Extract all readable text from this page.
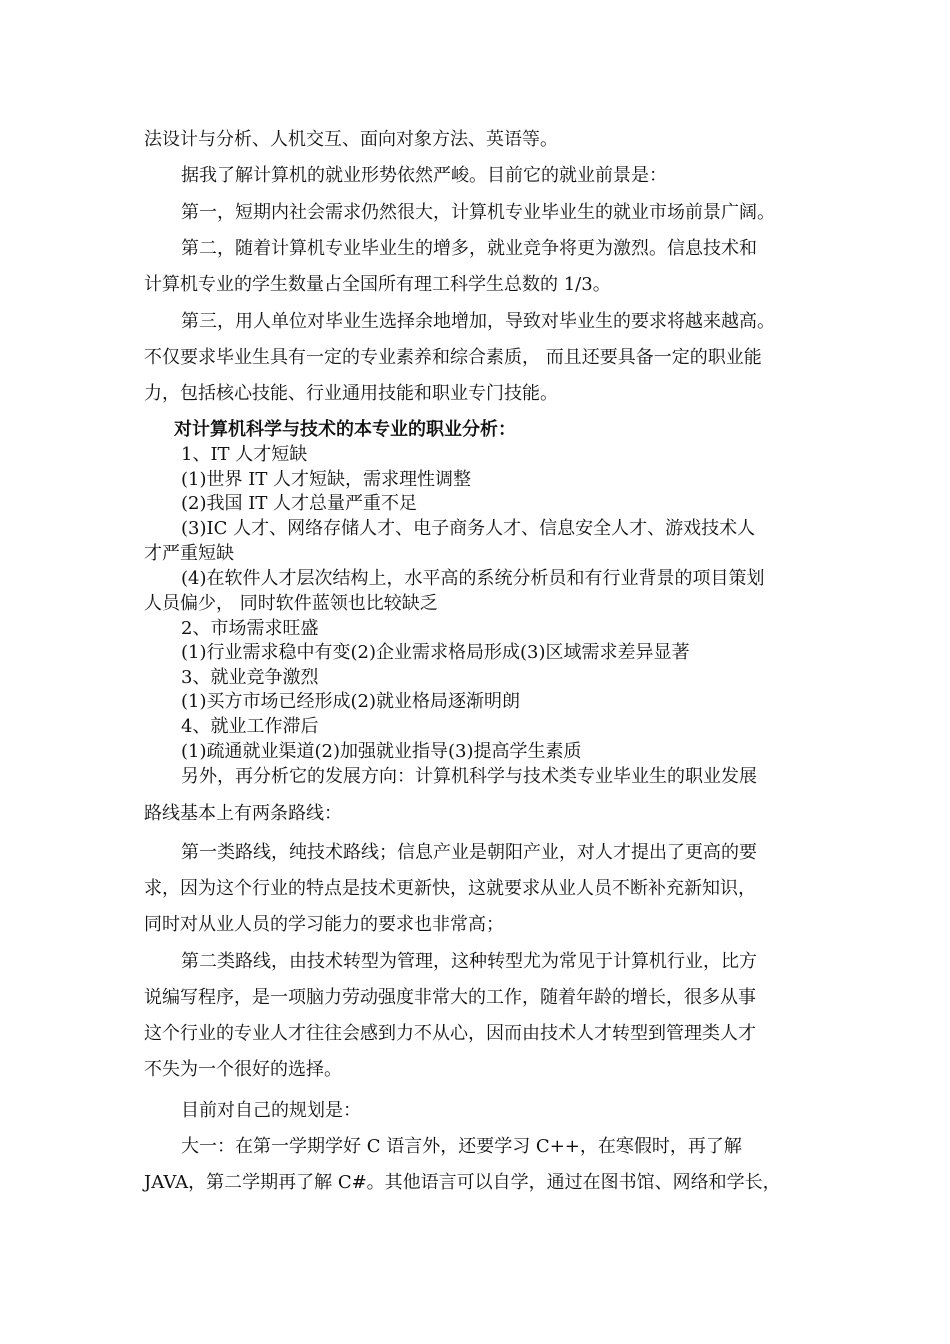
法设计与分析、人机交互、面向对象方法、英语等。
据我了解计算机的就业形势依然严峻。目前它的就业前景是：
第一，短期内社会需求仍然很大，计算机专业毕业生的就业市场前景广阔。
第二，随着计算机专业毕业生的增多，就业竞争将更为激烈。信息技术和
计算机专业的学生数量占全国所有理工科学生总数的 1/3。
第三，用人单位对毕业生选择余地增加，导致对毕业生的要求将越来越高。
不仅要求毕业生具有一定的专业素养和综合素质， 而且还要具备一定的职业能
力，包括核心技能、行业通用技能和职业专门技能。
对计算机科学与技术的本专业的职业分析：
1、IT 人才短缺
(1)世界 IT 人才短缺，需求理性调整
(2)我国 IT 人才总量严重不足
(3)IC 人才、网络存储人才、电子商务人才、信息安全人才、游戏技术人
才严重短缺
(4)在软件人才层次结构上，水平高的系统分析员和有行业背景的项目策划
人员偏少， 同时软件蓝领也比较缺乏
2、市场需求旺盛
(1)行业需求稳中有变(2)企业需求格局形成(3)区域需求差异显著
3、就业竞争激烈
(1)买方市场已经形成(2)就业格局逐渐明朗
4、就业工作滞后
(1)疏通就业渠道(2)加强就业指导(3)提高学生素质
另外，再分析它的发展方向：计算机科学与技术类专业毕业生的职业发展
路线基本上有两条路线：
第一类路线，纯技术路线；信息产业是朝阳产业，对人才提出了更高的要
求，因为这个行业的特点是技术更新快，这就要求从业人员不断补充新知识，
同时对从业人员的学习能力的要求也非常高；
第二类路线，由技术转型为管理，这种转型尤为常见于计算机行业，比方
说编写程序，是一项脑力劳动强度非常大的工作，随着年龄的增长，很多从事
这个行业的专业人才往往会感到力不从心，因而由技术人才转型到管理类人才
不失为一个很好的选择。
目前对自己的规划是：
大一：在第一学期学好 C 语言外，还要学习 C++，在寒假时，再了解
JAVA，第二学期再了解 C#。其他语言可以自学，通过在图书馆、网络和学长，
